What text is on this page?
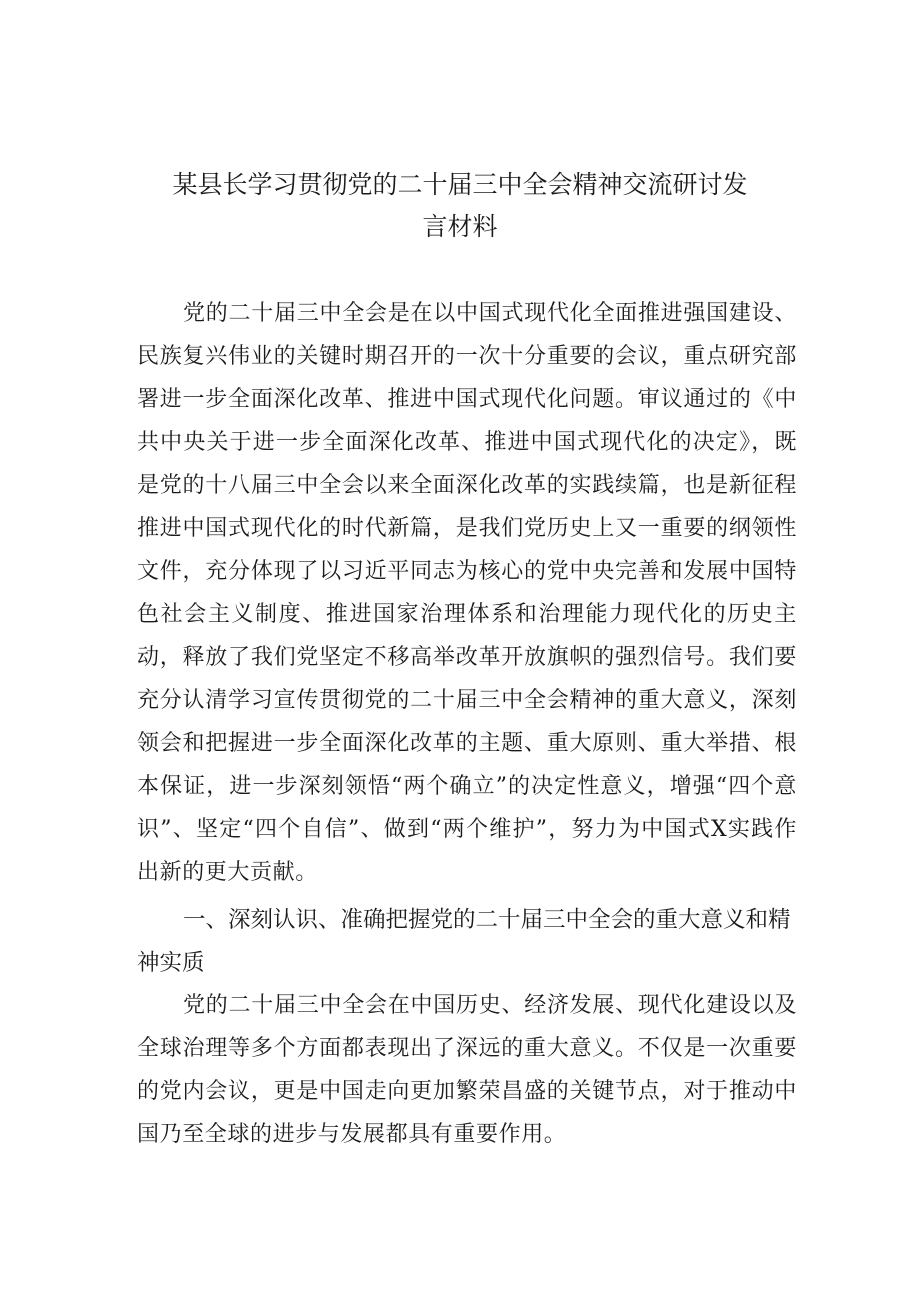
某县长学习贯彻党的二十届三中全会精神交流研讨发
言材料

党的二十届三中全会是在以中国式现代化全面推进强国建设、民族复兴伟业的关键时期召开的一次十分重要的会议，重点研究部署进一步全面深化改革、推进中国式现代化问题。审议通过的《中共中央关于进一步全面深化改革、推进中国式现代化的决定》，既是党的十八届三中全会以来全面深化改革的实践续篇，也是新征程推进中国式现代化的时代新篇，是我们党历史上又一重要的纲领性文件，充分体现了以习近平同志为核心的党中央完善和发展中国特色社会主义制度、推进国家治理体系和治理能力现代化的历史主动，释放了我们党坚定不移高举改革开放旗帜的强烈信号。我们要充分认清学习宣传贯彻党的二十届三中全会精神的重大意义，深刻领会和把握进一步全面深化改革的主题、重大原则、重大举措、根本保证，进一步深刻领悟“两个确立”的决定性意义，增强“四个意识”、坚定“四个自信”、做到“两个维护”，努力为中国式X实践作出新的更大贡献。

一、深刻认识、准确把握党的二十届三中全会的重大意义和精神实质

党的二十届三中全会在中国历史、经济发展、现代化建设以及全球治理等多个方面都表现出了深远的重大意义。不仅是一次重要的党内会议，更是中国走向更加繁荣昌盛的关键节点，对于推动中国乃至全球的进步与发展都具有重要作用。
